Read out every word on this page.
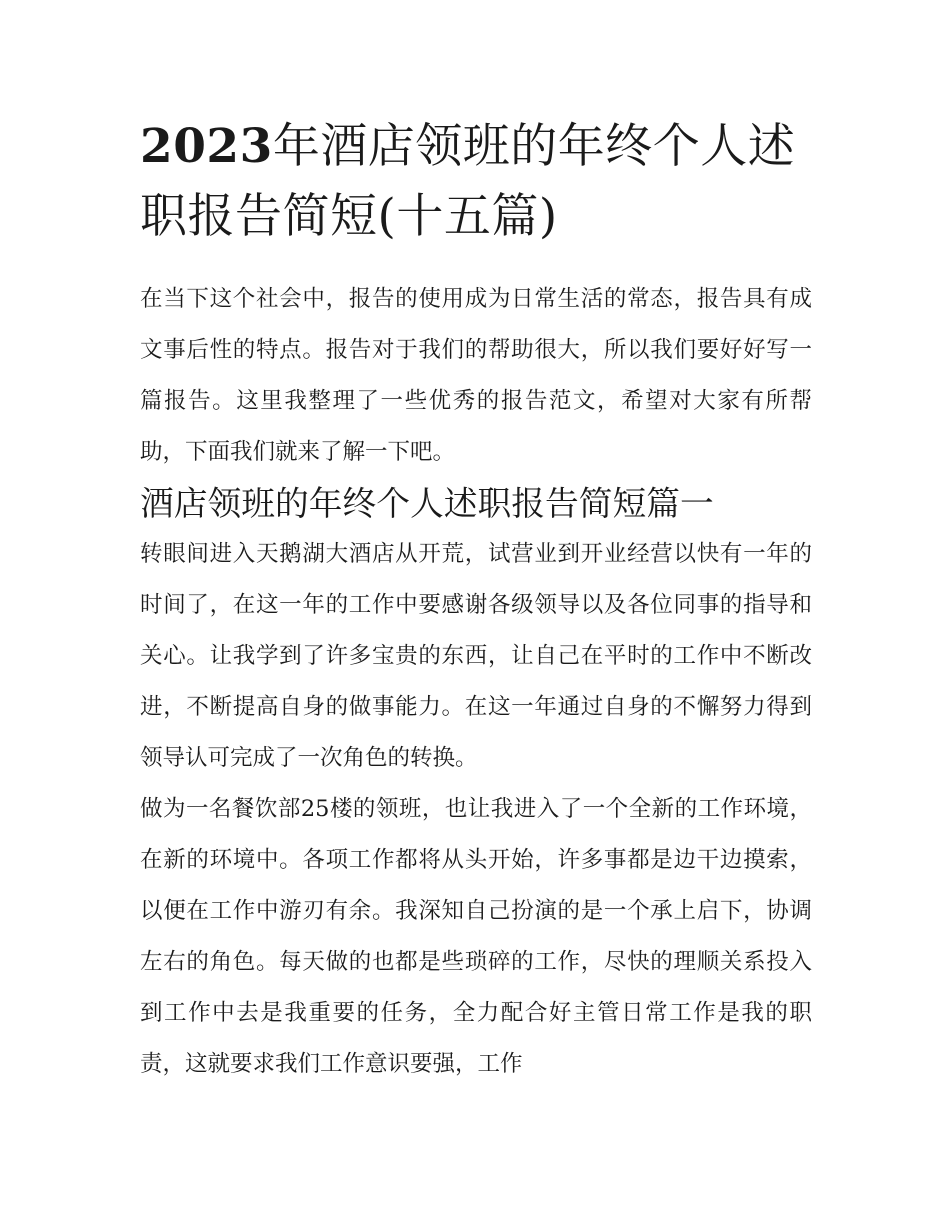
2023年酒店领班的年终个人述职报告简短(十五篇)

在当下这个社会中，报告的使用成为日常生活的常态，报告具有成文事后性的特点。报告对于我们的帮助很大，所以我们要好好写一篇报告。这里我整理了一些优秀的报告范文，希望对大家有所帮助，下面我们就来了解一下吧。

酒店领班的年终个人述职报告简短篇一

转眼间进入天鹅湖大酒店从开荒，试营业到开业经营以快有一年的时间了，在这一年的工作中要感谢各级领导以及各位同事的指导和关心。让我学到了许多宝贵的东西，让自己在平时的工作中不断改进，不断提高自身的做事能力。在这一年通过自身的不懈努力得到领导认可完成了一次角色的转换。

做为一名餐饮部25楼的领班，也让我进入了一个全新的工作环境，在新的环境中。各项工作都将从头开始，许多事都是边干边摸索，以便在工作中游刃有余。我深知自己扮演的是一个承上启下，协调左右的角色。每天做的也都是些琐碎的工作，尽快的理顺关系投入到工作中去是我重要的任务，全力配合好主管日常工作是我的职责，这就要求我们工作意识要强，工作
